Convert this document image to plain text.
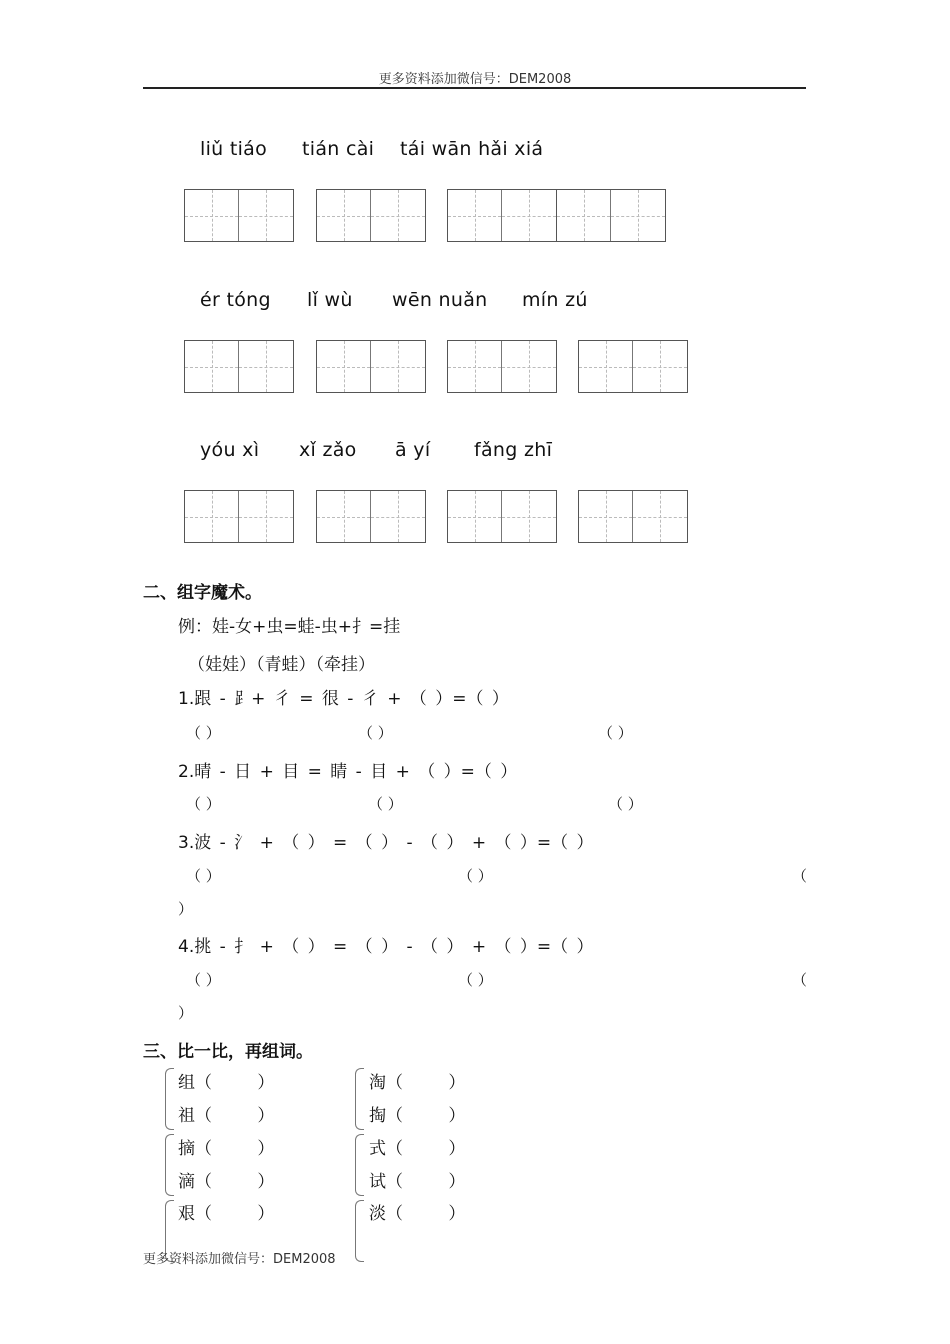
更多资料添加微信号：DEM2008
liǔ tiáo tián cài tái wān hǎi xiá
ér tóng lǐ wù wēn nuǎn mín zú
yóu xì xǐ zǎo ā yí fǎng zhī
二、组字魔术。
例：娃-女+虫=蛙-虫+扌=挂
（娃娃）（青蛙）（牵挂）
1.跟 - ⻊+ 彳 = 很 - 彳 + （ ）=（ ）
（ ）	（ ）	（ ）
2.晴 - 日 + 目 = 睛 - 目 + （ ）=（ ）
（ ）	（ ）	（ ）
3.波 - 氵 + （ ） = （ ） - （ ） + （ ）=（ ）
（ ）	（ ）	（
）
4.挑 - 扌 + （ ） = （ ） - （ ） + （ ）=（ ）
（ ）	（ ）	（
）
三、比一比，再组词。
组（ ）
祖（ ）
摘（ ）
滴（ ）
艰（ ）
淘（ ）
掏（ ）
式（ ）
试（ ）
淡（ ）
更多资料添加微信号：DEM2008
